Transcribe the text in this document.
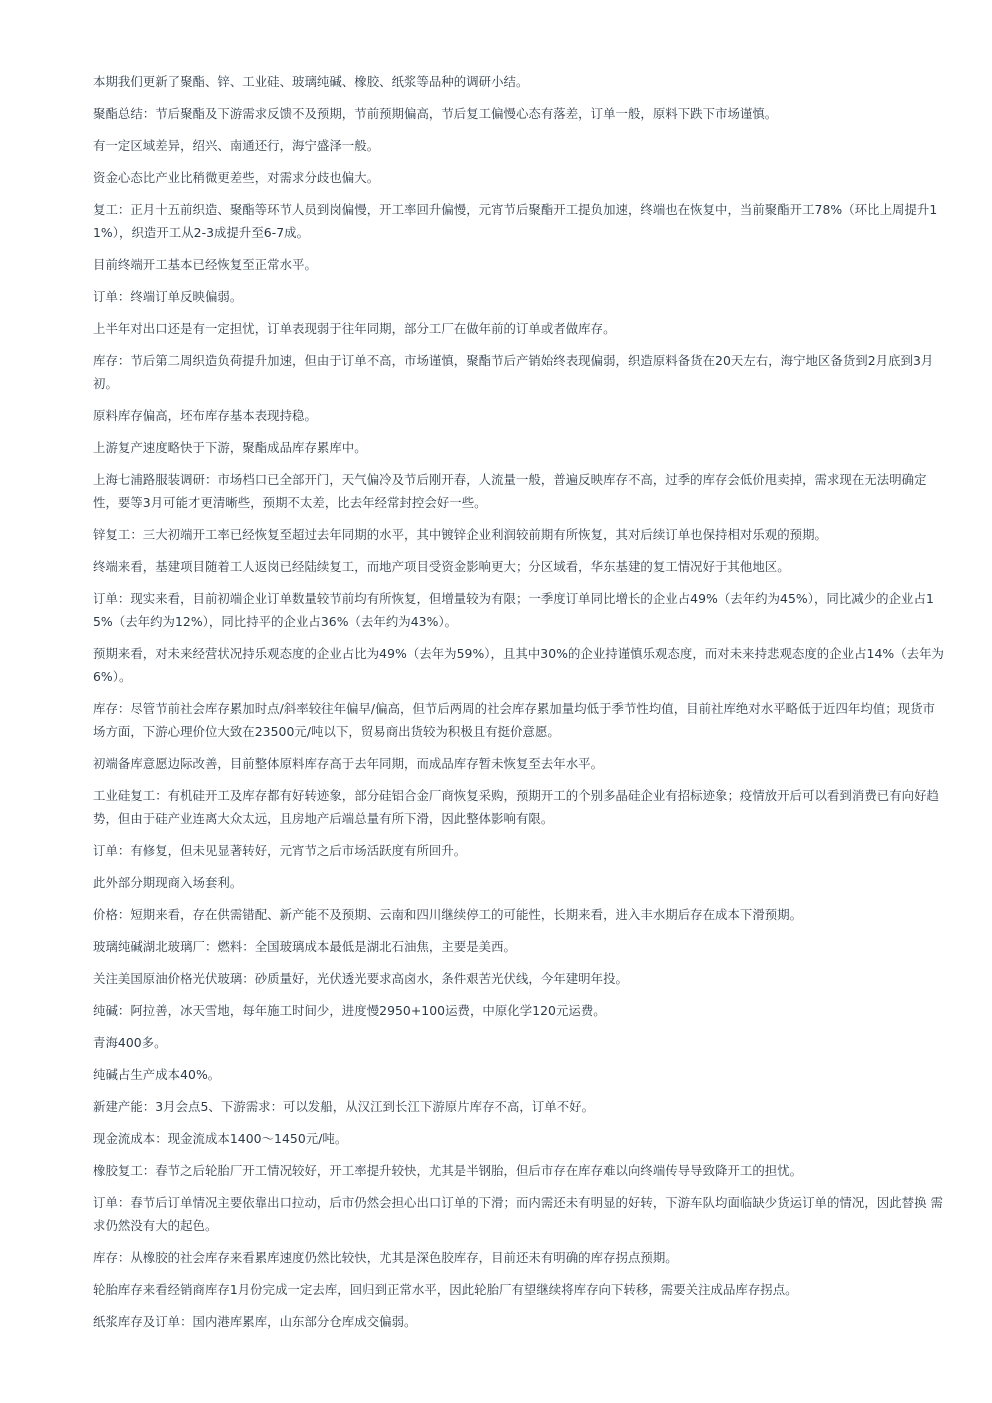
本期我们更新了聚酯、锌、工业硅、玻璃纯碱、橡胶、纸浆等品种的调研小结。

聚酯总结：节后聚酯及下游需求反馈不及预期，节前预期偏高，节后复工偏慢心态有落差，订单一般，原料下跌下市场谨慎。

有一定区域差异，绍兴、南通还行，海宁盛泽一般。

资金心态比产业比稍微更差些，对需求分歧也偏大。

复工：正月十五前织造、聚酯等环节人员到岗偏慢，开工率回升偏慢，元宵节后聚酯开工提负加速，终端也在恢复中，当前聚酯开工78%（环比上周提升11%），织造开工从2-3成提升至6-7成。

目前终端开工基本已经恢复至正常水平。

订单：终端订单反映偏弱。

上半年对出口还是有一定担忧，订单表现弱于往年同期，部分工厂在做年前的订单或者做库存。

库存：节后第二周织造负荷提升加速，但由于订单不高，市场谨慎，聚酯节后产销始终表现偏弱，织造原料备货在20天左右，海宁地区备货到2月底到3月初。

原料库存偏高，坯布库存基本表现持稳。

上游复产速度略快于下游，聚酯成品库存累库中。

上海七浦路服装调研：市场档口已全部开门，天气偏冷及节后刚开春，人流量一般，普遍反映库存不高，过季的库存会低价甩卖掉，需求现在无法明确定性，要等3月可能才更清晰些，预期不太差，比去年经常封控会好一些。

锌复工：三大初端开工率已经恢复至超过去年同期的水平，其中镀锌企业利润较前期有所恢复，其对后续订单也保持相对乐观的预期。

终端来看，基建项目随着工人返岗已经陆续复工，而地产项目受资金影响更大；分区域看，华东基建的复工情况好于其他地区。

订单：现实来看，目前初端企业订单数量较节前均有所恢复，但增量较为有限；一季度订单同比增长的企业占49%（去年约为45%），同比减少的企业占15%（去年约为12%），同比持平的企业占36%（去年约为43%）。

预期来看，对未来经营状况持乐观态度的企业占比为49%（去年为59%），且其中30%的企业持谨慎乐观态度，而对未来持悲观态度的企业占14%（去年为6%）。

库存：尽管节前社会库存累加时点/斜率较往年偏早/偏高，但节后两周的社会库存累加量均低于季节性均值，目前社库绝对水平略低于近四年均值；现货市场方面，下游心理价位大致在23500元/吨以下，贸易商出货较为积极且有挺价意愿。

初端备库意愿边际改善，目前整体原料库存高于去年同期，而成品库存暂未恢复至去年水平。

工业硅复工：有机硅开工及库存都有好转迹象，部分硅铝合金厂商恢复采购，预期开工的个别多晶硅企业有招标迹象；疫情放开后可以看到消费已有向好趋势，但由于硅产业连离大众太远，且房地产后端总量有所下滑，因此整体影响有限。

订单：有修复，但未见显著转好，元宵节之后市场活跃度有所回升。

此外部分期现商入场套利。

价格：短期来看，存在供需错配、新产能不及预期、云南和四川继续停工的可能性，长期来看，进入丰水期后存在成本下滑预期。

玻璃纯碱湖北玻璃厂：燃料：全国玻璃成本最低是湖北石油焦，主要是美西。

关注美国原油价格光伏玻璃：砂质量好，光伏透光要求高卤水，条件艰苦光伏线，今年建明年投。

纯碱：阿拉善，冰天雪地，每年施工时间少，进度慢2950+100运费，中原化学120元运费。

青海400多。

纯碱占生产成本40%。

新建产能：3月会点5、下游需求：可以发船，从汉江到长江下游原片库存不高，订单不好。

现金流成本：现金流成本1400～1450元/吨。

橡胶复工：春节之后轮胎厂开工情况较好，开工率提升较快，尤其是半钢胎，但后市存在库存难以向终端传导导致降开工的担忧。

订单：春节后订单情况主要依靠出口拉动，后市仍然会担心出口订单的下滑；而内需还未有明显的好转，下游车队均面临缺少货运订单的情况，因此替换 需求仍然没有大的起色。

库存：从橡胶的社会库存来看累库速度仍然比较快，尤其是深色胶库存，目前还未有明确的库存拐点预期。

轮胎库存来看经销商库存1月份完成一定去库，回归到正常水平，因此轮胎厂有望继续将库存向下转移，需要关注成品库存拐点。

纸浆库存及订单：国内港库累库，山东部分仓库成交偏弱。
